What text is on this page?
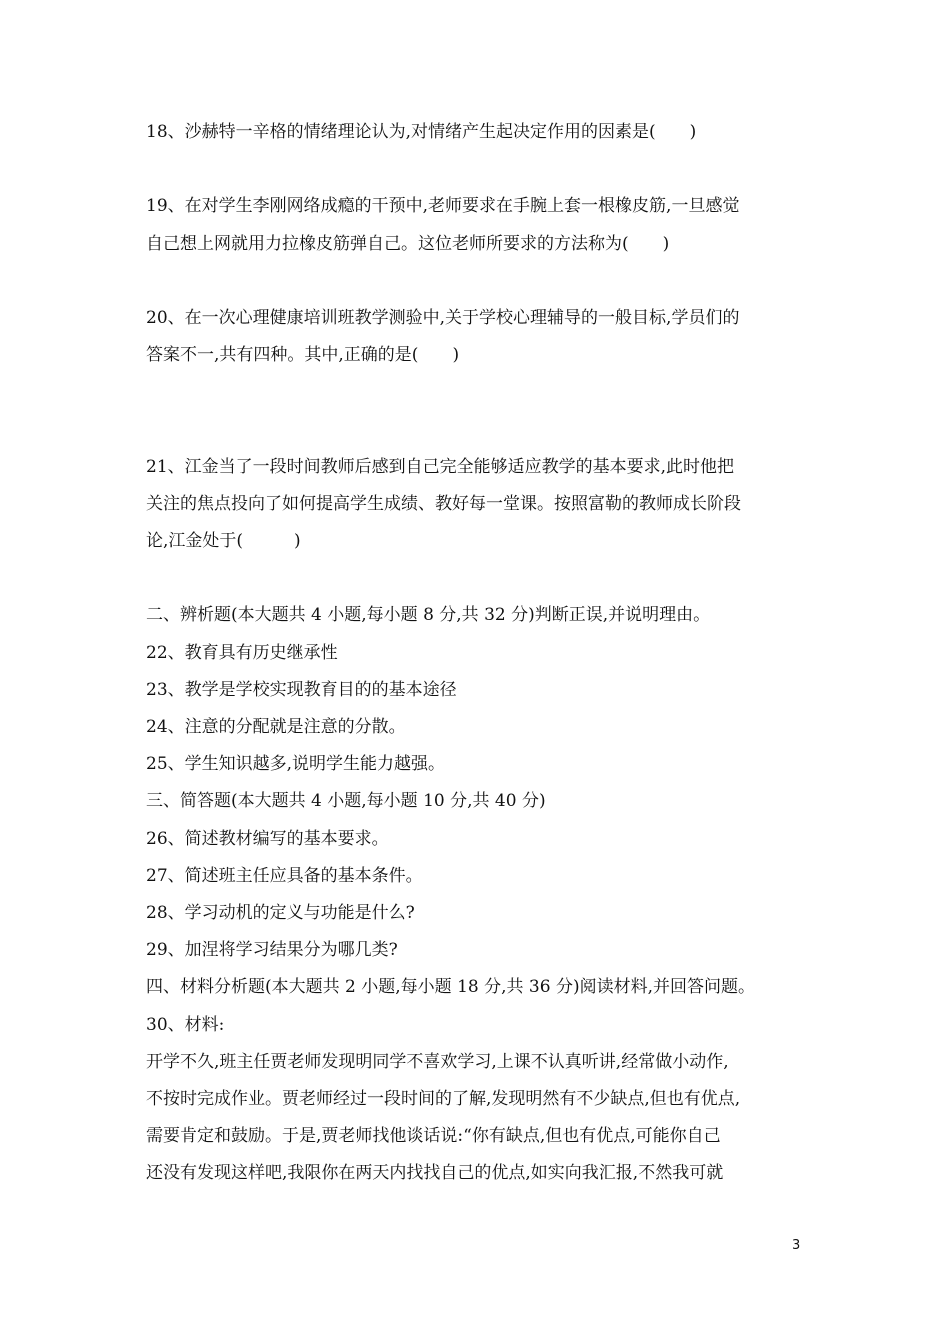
18、沙赫特一辛格的情绪理论认为,对情绪产生起决定作用的因素是(　　)

19、在对学生李刚网络成瘾的干预中,老师要求在手腕上套一根橡皮筋,一旦感觉
自己想上网就用力拉橡皮筋弹自己。这位老师所要求的方法称为(　　)

20、在一次心理健康培训班教学测验中,关于学校心理辅导的一般目标,学员们的
答案不一,共有四种。其中,正确的是(　　)

21、江金当了一段时间教师后感到自己完全能够适应教学的基本要求,此时他把
关注的焦点投向了如何提高学生成绩、教好每一堂课。按照富勒的教师成长阶段
论,江金处于(　　　)

二、辨析题(本大题共 4 小题,每小题 8 分,共 32 分)判断正误,并说明理由。
22、教育具有历史继承性
23、教学是学校实现教育目的的基本途径
24、注意的分配就是注意的分散。
25、学生知识越多,说明学生能力越强。
三、简答题(本大题共 4 小题,每小题 10 分,共 40 分)
26、简述教材编写的基本要求。
27、简述班主任应具备的基本条件。
28、学习动机的定义与功能是什么?
29、加涅将学习结果分为哪几类?
四、材料分析题(本大题共 2 小题,每小题 18 分,共 36 分)阅读材料,并回答问题。
30、材料:
开学不久,班主任贾老师发现明同学不喜欢学习,上课不认真听讲,经常做小动作,
不按时完成作业。贾老师经过一段时间的了解,发现明然有不少缺点,但也有优点,
需要肯定和鼓励。于是,贾老师找他谈话说:“你有缺点,但也有优点,可能你自己
还没有发现这样吧,我限你在两天内找找自己的优点,如实向我汇报,不然我可就
3
